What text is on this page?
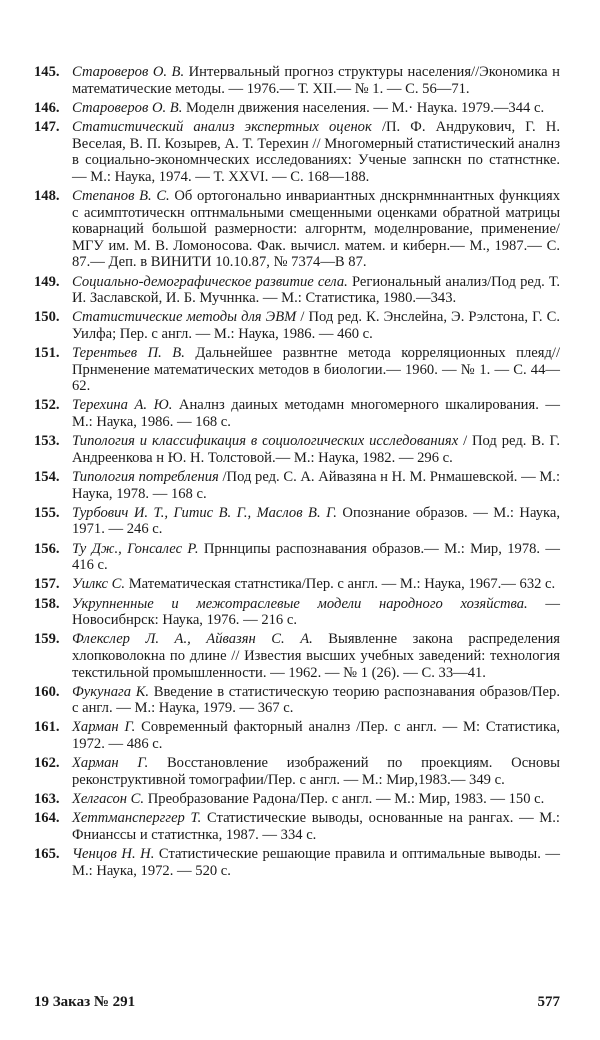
145. Староверов О. В. Интервальный прогноз структуры населения//Экономика н математические методы. — 1976.— Т. XII.— № 1. — С. 56—71.
146. Староверов О. В. Моделн движения населения. — М.· Наука. 1979.—344 с.
147. Статистический анализ экспертных оценок /П. Ф. Андрукович, Г. Н. Веселая, В. П. Козырев, А. Т. Терехин // Многомерный статистический аналнз в социально-экономнческих исследованиях: Ученые запнскн по статнстнке. — М.: Наука, 1974. — Т. XXVI. — С. 168—188.
148. Степанов В. С. Об ортогонально инвариантных днскрнмннантных функциях с асимптотическн оптнмальными смещенными оценками обратной матрицы коварнаций большой размерности: алгорнтм, моделнрование, применение/МГУ им. М. В. Ломоносова. Фак. вычисл. матем. и киберн.— М., 1987.— С. 87.— Деп. в ВИНИТИ 10.10.87, № 7374—В 87.
149. Социально-демографическое развитие села. Региональный анализ/Под ред. Т. И. Заславской, И. Б. Мучннка. — М.: Статистика, 1980.—343.
150. Статистические методы для ЭВМ / Под ред. К. Энслейна, Э. Рэлстона, Г. С. Уилфа; Пер. с англ. — М.: Наука, 1986. — 460 с.
151. Терентьев П. В. Дальнейшее развнтне метода корреляционных плеяд//Прнменение математических методов в биологии.— 1960. — № 1. — С. 44—62.
152. Терехина А. Ю. Аналнз даиных методамн многомерного шкалирования. — М.: Наука, 1986. — 168 с.
153. Типология и классификация в социологических исследованиях / Под ред. В. Г. Андреенкова н Ю. Н. Толстовой.— М.: Наука, 1982. — 296 с.
154. Типология потребления /Под ред. С. А. Айвазяна н Н. М. Рнмашевской. — М.: Наука, 1978. — 168 с.
155. Турбович И. Т., Гитис В. Г., Маслов В. Г. Опознание образов. — М.: Наука, 1971. — 246 с.
156. Ту Дж., Гонсалес Р. Прннципы распознавания образов.— М.: Мир, 1978. — 416 с.
157. Уилкс С. Математическая статнстика/Пер. с англ. — М.: Наука, 1967.— 632 с.
158. Укрупненные и межотраслевые модели народного хозяйства. — Новосибнрск: Наука, 1976. — 216 с.
159. Флекслер Л. А., Айвазян С. А. Выявленне закона распределения хлопковолокна по длине // Известия высших учебных заведений: технология текстильной промышленности. — 1962. — № 1 (26). — С. 33—41.
160. Фукунага К. Введение в статистическую теорию распознавания образов/Пер. с англ. — М.: Наука, 1979. — 367 с.
161. Харман Г. Современный факторный аналнз /Пер. с англ. — М: Статистика, 1972. — 486 с.
162. Харман Г. Восстановление изображений по проекциям. Основы реконструктивной томографии/Пер. с англ. — М.: Мир,1983.— 349 с.
163. Хелгасон С. Преобразование Радона/Пер. с англ. — М.: Мир, 1983. — 150 с.
164. Хеттмансперггер Т. Статистические выводы, основанные на рангах. — М.: Фнианссы и статистнка, 1987. — 334 с.
165. Ченцов Н. Н. Статистические решающие правила и оптимальные выводы. — М.: Наука, 1972. — 520 с.
19 Заказ № 291	577
